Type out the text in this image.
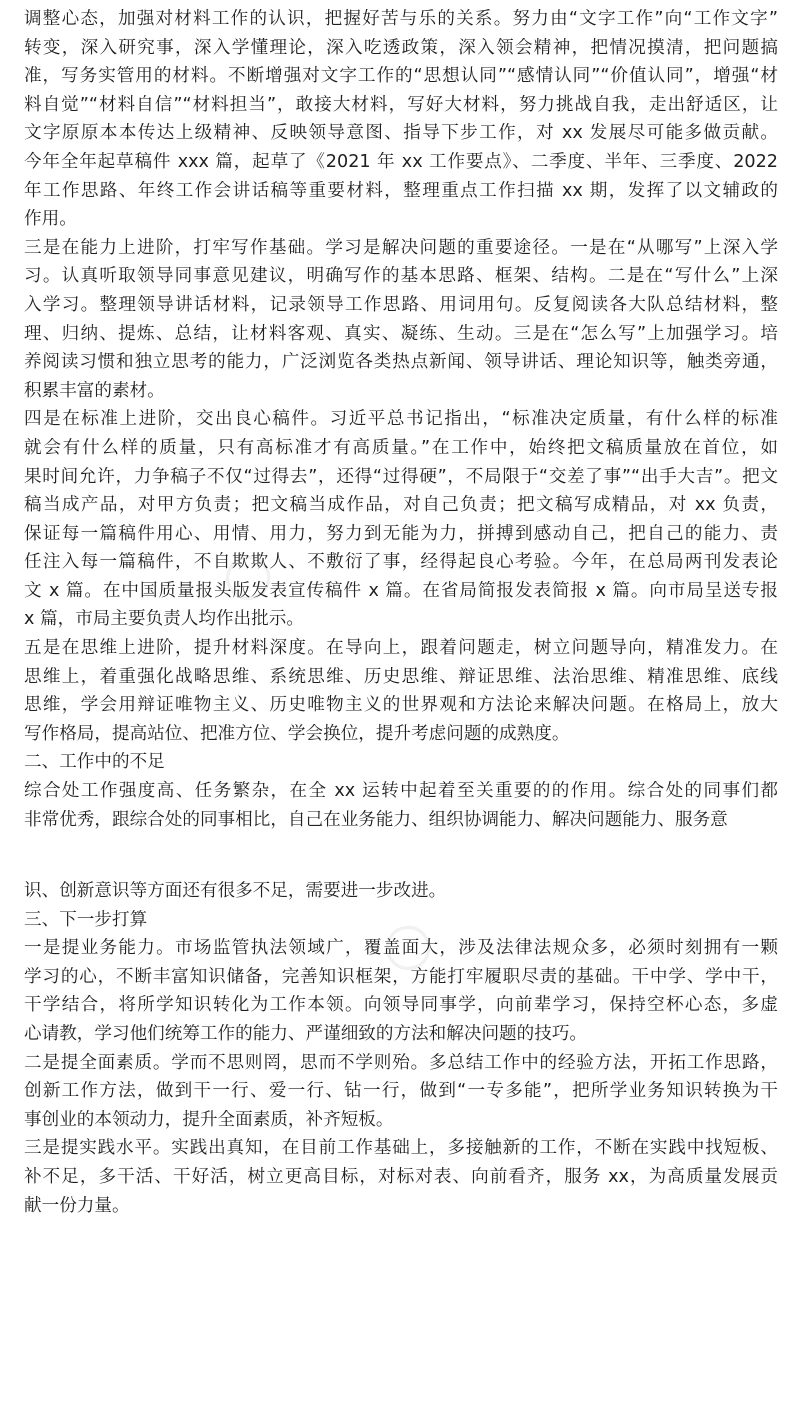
○
○
调整心态，加强对材料工作的认识，把握好苦与乐的关系。努力由“文字工作”向“工作文字”
转变，深入研究事，深入学懂理论，深入吃透政策，深入领会精神，把情况摸清，把问题搞
准，写务实管用的材料。不断增强对文字工作的“思想认同”“感情认同”“价值认同”，增强“材
料自觉”“材料自信”“材料担当”，敢接大材料，写好大材料，努力挑战自我，走出舒适区，让
文字原原本本传达上级精神、反映领导意图、指导下步工作，对 xx 发展尽可能多做贡献。
今年全年起草稿件 xxx 篇，起草了《2021 年 xx 工作要点》、二季度、半年、三季度、2022
年工作思路、年终工作会讲话稿等重要材料，整理重点工作扫描 xx 期，发挥了以文辅政的
作用。
三是在能力上进阶，打牢写作基础。学习是解决问题的重要途径。一是在“从哪写”上深入学
习。认真听取领导同事意见建议，明确写作的基本思路、框架、结构。二是在“写什么”上深
入学习。整理领导讲话材料，记录领导工作思路、用词用句。反复阅读各大队总结材料，整
理、归纳、提炼、总结，让材料客观、真实、凝练、生动。三是在“怎么写”上加强学习。培
养阅读习惯和独立思考的能力，广泛浏览各类热点新闻、领导讲话、理论知识等，触类旁通，
积累丰富的素材。
四是在标准上进阶，交出良心稿件。习近平总书记指出，“标准决定质量，有什么样的标准
就会有什么样的质量，只有高标准才有高质量。”在工作中，始终把文稿质量放在首位，如
果时间允许，力争稿子不仅“过得去”，还得“过得硬”，不局限于“交差了事”“出手大吉”。把文
稿当成产品，对甲方负责；把文稿当成作品，对自己负责；把文稿写成精品，对 xx 负责，
保证每一篇稿件用心、用情、用力，努力到无能为力，拼搏到感动自己，把自己的能力、责
任注入每一篇稿件，不自欺欺人、不敷衍了事，经得起良心考验。今年，在总局两刊发表论
文 x 篇。在中国质量报头版发表宣传稿件 x 篇。在省局简报发表简报 x 篇。向市局呈送专报
x 篇，市局主要负责人均作出批示。
五是在思维上进阶，提升材料深度。在导向上，跟着问题走，树立问题导向，精准发力。在
思维上，着重强化战略思维、系统思维、历史思维、辩证思维、法治思维、精准思维、底线
思维，学会用辩证唯物主义、历史唯物主义的世界观和方法论来解决问题。在格局上，放大
写作格局，提高站位、把准方位、学会换位，提升考虑问题的成熟度。
二、工作中的不足
综合处工作强度高、任务繁杂，在全 xx 运转中起着至关重要的的作用。综合处的同事们都
非常优秀，跟综合处的同事相比，自己在业务能力、组织协调能力、解决问题能力、服务意
识、创新意识等方面还有很多不足，需要进一步改进。
三、下一步打算
一是提业务能力。市场监管执法领域广，覆盖面大，涉及法律法规众多，必须时刻拥有一颗
学习的心，不断丰富知识储备，完善知识框架，方能打牢履职尽责的基础。干中学、学中干，
干学结合，将所学知识转化为工作本领。向领导同事学，向前辈学习，保持空杯心态，多虚
心请教，学习他们统筹工作的能力、严谨细致的方法和解决问题的技巧。
二是提全面素质。学而不思则罔，思而不学则殆。多总结工作中的经验方法，开拓工作思路，
创新工作方法，做到干一行、爱一行、钻一行，做到“一专多能”，把所学业务知识转换为干
事创业的本领动力，提升全面素质，补齐短板。
三是提实践水平。实践出真知，在目前工作基础上，多接触新的工作，不断在实践中找短板、
补不足，多干活、干好活，树立更高目标，对标对表、向前看齐，服务 xx，为高质量发展贡
献一份力量。
